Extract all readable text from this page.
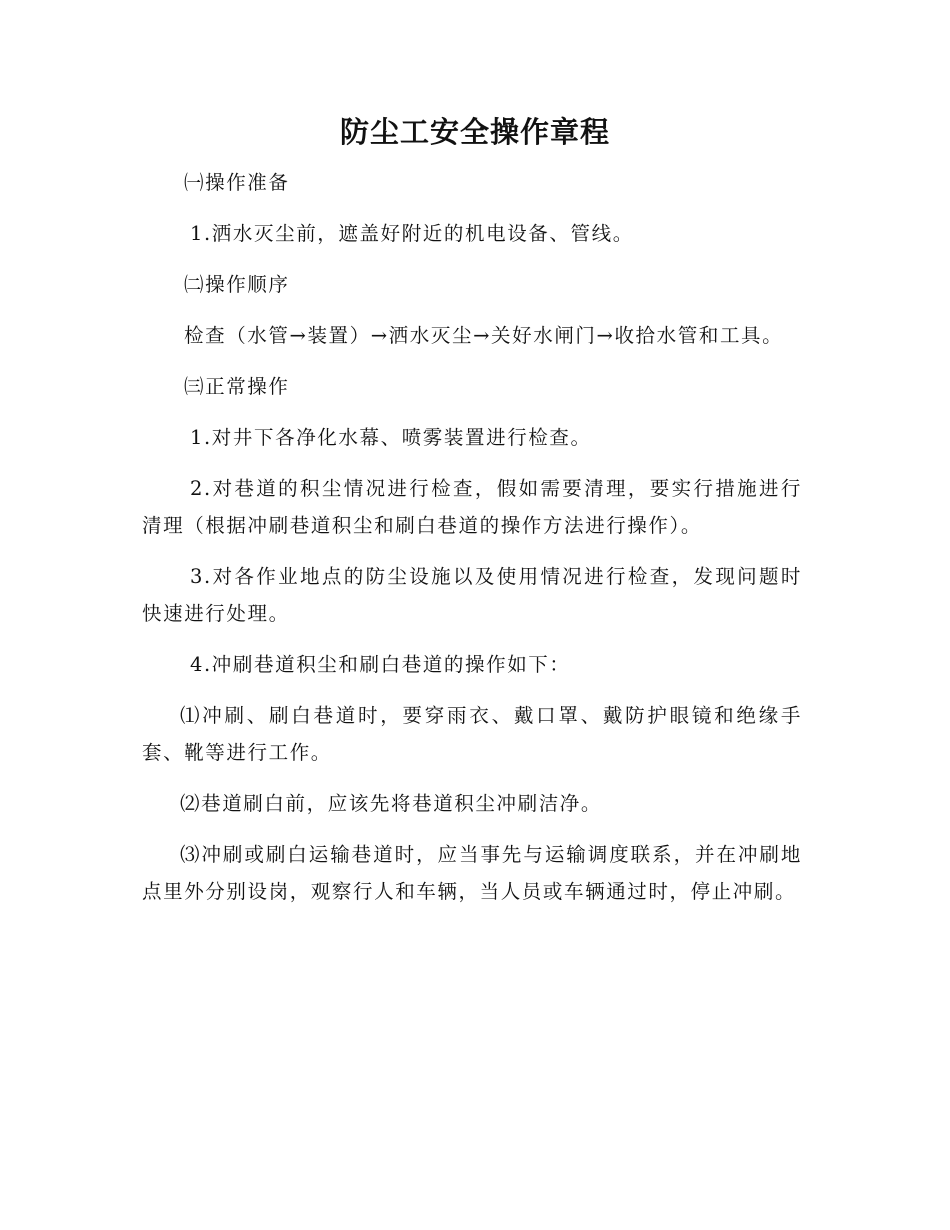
防尘工安全操作章程

㈠操作准备

1.洒水灭尘前，遮盖好附近的机电设备、管线。

㈡操作顺序

检查（水管→装置）→洒水灭尘→关好水闸门→收拾水管和工具。

㈢正常操作

1.对井下各净化水幕、喷雾装置进行检查。

2.对巷道的积尘情况进行检查，假如需要清理，要实行措施进行清理（根据冲刷巷道积尘和刷白巷道的操作方法进行操作）。

3.对各作业地点的防尘设施以及使用情况进行检查，发现问题时快速进行处理。

4.冲刷巷道积尘和刷白巷道的操作如下：

⑴冲刷、刷白巷道时，要穿雨衣、戴口罩、戴防护眼镜和绝缘手套、靴等进行工作。

⑵巷道刷白前，应该先将巷道积尘冲刷洁净。

⑶冲刷或刷白运输巷道时，应当事先与运输调度联系，并在冲刷地点里外分别设岗，观察行人和车辆，当人员或车辆通过时，停止冲刷。
